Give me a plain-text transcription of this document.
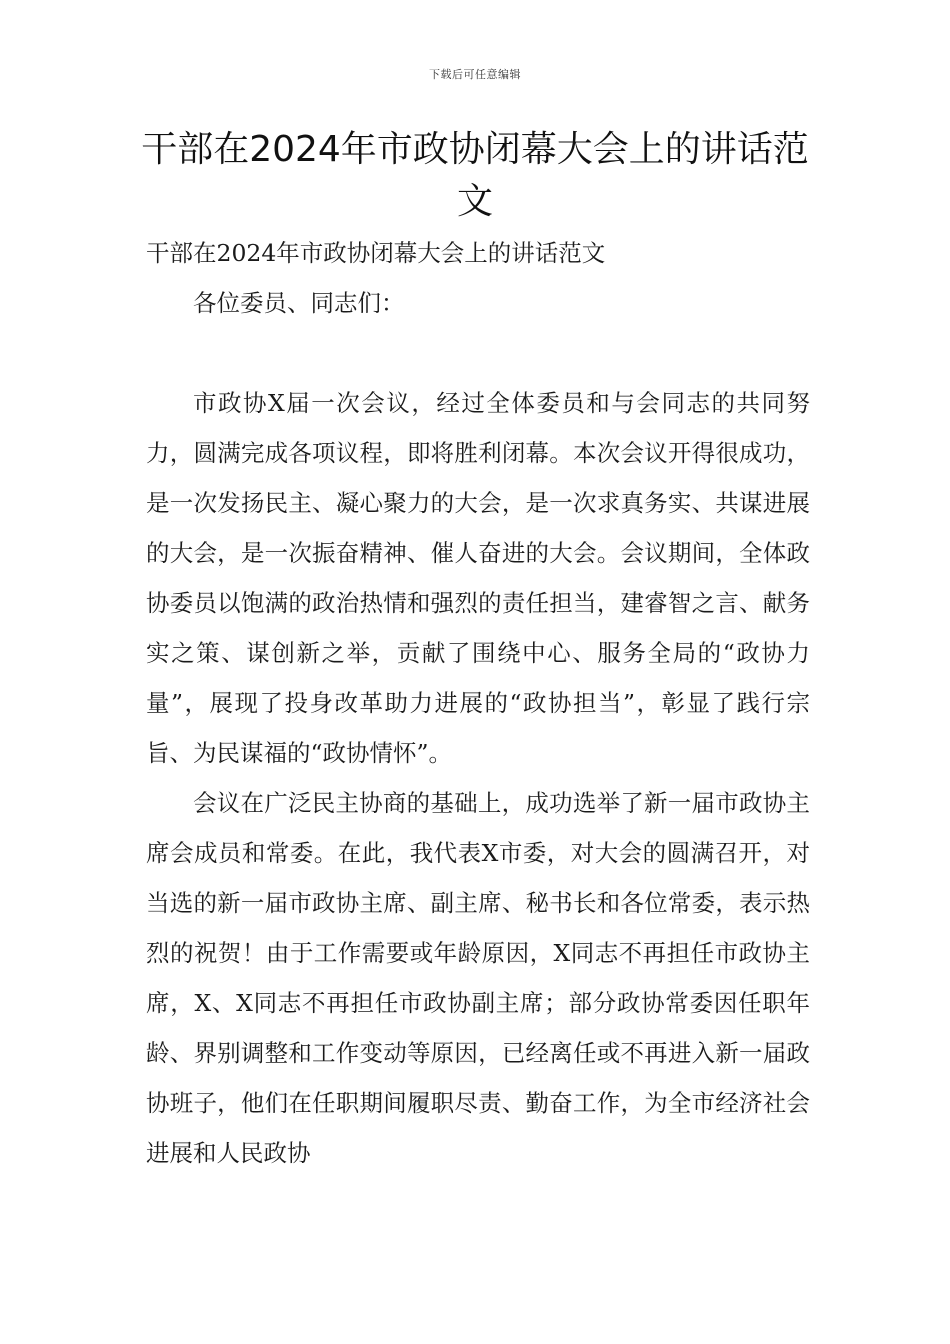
下载后可任意编辑
干部在2024年市政协闭幕大会上的讲话范文

干部在2024年市政协闭幕大会上的讲话范文

各位委员、同志们：

市政协X届一次会议，经过全体委员和与会同志的共同努力，圆满完成各项议程，即将胜利闭幕。本次会议开得很成功，是一次发扬民主、凝心聚力的大会，是一次求真务实、共谋进展的大会，是一次振奋精神、催人奋进的大会。会议期间，全体政协委员以饱满的政治热情和强烈的责任担当，建睿智之言、献务实之策、谋创新之举，贡献了围绕中心、服务全局的“政协力量”，展现了投身改革助力进展的“政协担当”，彰显了践行宗旨、为民谋福的“政协情怀”。

会议在广泛民主协商的基础上，成功选举了新一届市政协主席会成员和常委。在此，我代表X市委，对大会的圆满召开，对当选的新一届市政协主席、副主席、秘书长和各位常委，表示热烈的祝贺！由于工作需要或年龄原因，X同志不再担任市政协主席，X、X同志不再担任市政协副主席；部分政协常委因任职年龄、界别调整和工作变动等原因，已经离任或不再进入新一届政协班子，他们在任职期间履职尽责、勤奋工作，为全市经济社会进展和人民政协
